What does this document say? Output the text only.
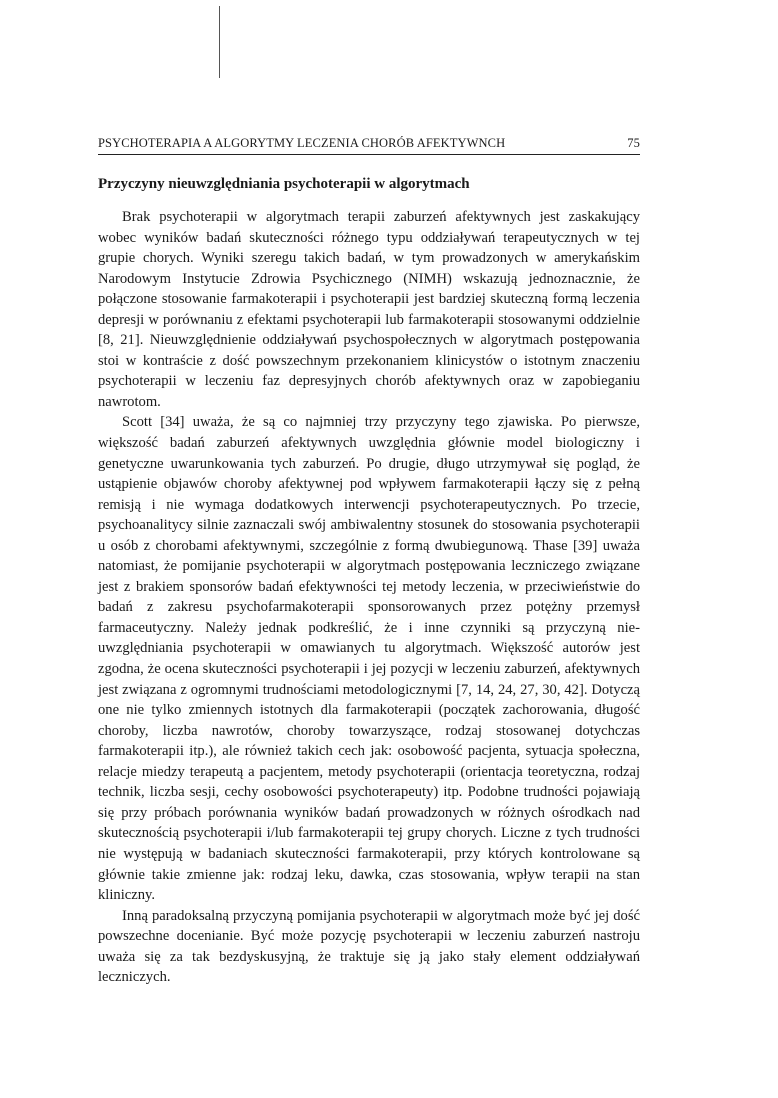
PSYCHOTERAPIA A ALGORYTMY LECZENIA CHORÓB AFEKTYWNCH	75
Przyczyny nieuwzględniania psychoterapii w algorytmach

Brak psychoterapii w algorytmach terapii zaburzeń afektywnych jest zaskakujący wobec wyników badań skuteczności różnego typu oddziaływań terapeutycznych w tej grupie chorych. Wyniki szeregu takich badań, w tym prowadzonych w amerykańskim Narodowym Instytucie Zdrowia Psychicznego (NIMH) wskazują jednoznacznie, że połączone stosowanie farmakoterapii i psychoterapii jest bardziej skuteczną formą leczenia depresji w porównaniu z efektami psychoterapii lub farmakoterapii stosowanymi oddzielnie [8, 21]. Nieuwzględnienie oddziaływań psychospołecznych w algorytmach postępowania stoi w kontraście z dość powszechnym przekonaniem klinicystów o istotnym znaczeniu psychoterapii w leczeniu faz depresyjnych chorób afektywnych oraz w zapobieganiu nawrotom.

Scott [34] uważa, że są co najmniej trzy przyczyny tego zjawiska. Po pierwsze, większość badań zaburzeń afektywnych uwzględnia głównie model biologiczny i genetyczne uwarunkowania tych zaburzeń. Po drugie, długo utrzymywał się pogląd, że ustąpienie objawów choroby afektywnej pod wpływem farmakoterapii łączy się z pełną remisją i nie wymaga dodatkowych interwencji psychoterapeutycznych. Po trzecie, psychoanalitycy silnie zaznaczali swój ambiwalentny stosunek do stosowania psychoterapii u osób z chorobami afektywnymi, szczególnie z formą dwubiegunową. Thase [39] uważa natomiast, że pomijanie psychoterapii w algorytmach postępowania leczniczego związane jest z brakiem sponsorów badań efektywności tej metody leczenia, w przeciwieństwie do badań z zakresu psychofarmakoterapii sponsorowanych przez potężny przemysł farmaceutyczny. Należy jednak podkreślić, że i inne czynniki są przyczyną nieuwzględniania psychoterapii w omawianych tu algorytmach. Większość autorów jest zgodna, że ocena skuteczności psychoterapii i jej pozycji w leczeniu zaburzeń, afektywnych jest związana z ogromnymi trudnościami metodologicznymi [7, 14, 24, 27, 30, 42]. Dotyczą one nie tylko zmiennych istotnych dla farmakoterapii (początek zachorowania, długość choroby, liczba nawrotów, choroby towarzyszące, rodzaj stosowanej dotychczas farmakoterapii itp.), ale również takich cech jak: osobowość pacjenta, sytuacja społeczna, relacje miedzy terapeutą a pacjentem, metody psychoterapii (orientacja teoretyczna, rodzaj technik, liczba sesji, cechy osobowości psychoterapeuty) itp. Podobne trudności pojawiają się przy próbach porównania wyników badań prowadzonych w różnych ośrodkach nad skutecznością psychoterapii i/lub farmakoterapii tej grupy chorych. Liczne z tych trudności nie występują w badaniach skuteczności farmakoterapii, przy których kontrolowane są głównie takie zmienne jak: rodzaj leku, dawka, czas stosowania, wpływ terapii na stan kliniczny.

Inną paradoksalną przyczyną pomijania psychoterapii w algorytmach może być jej dość powszechne docenianie. Być może pozycję psychoterapii w leczeniu zaburzeń nastroju uważa się za tak bezdyskusyjną, że traktuje się ją jako stały element oddziaływań leczniczych.
